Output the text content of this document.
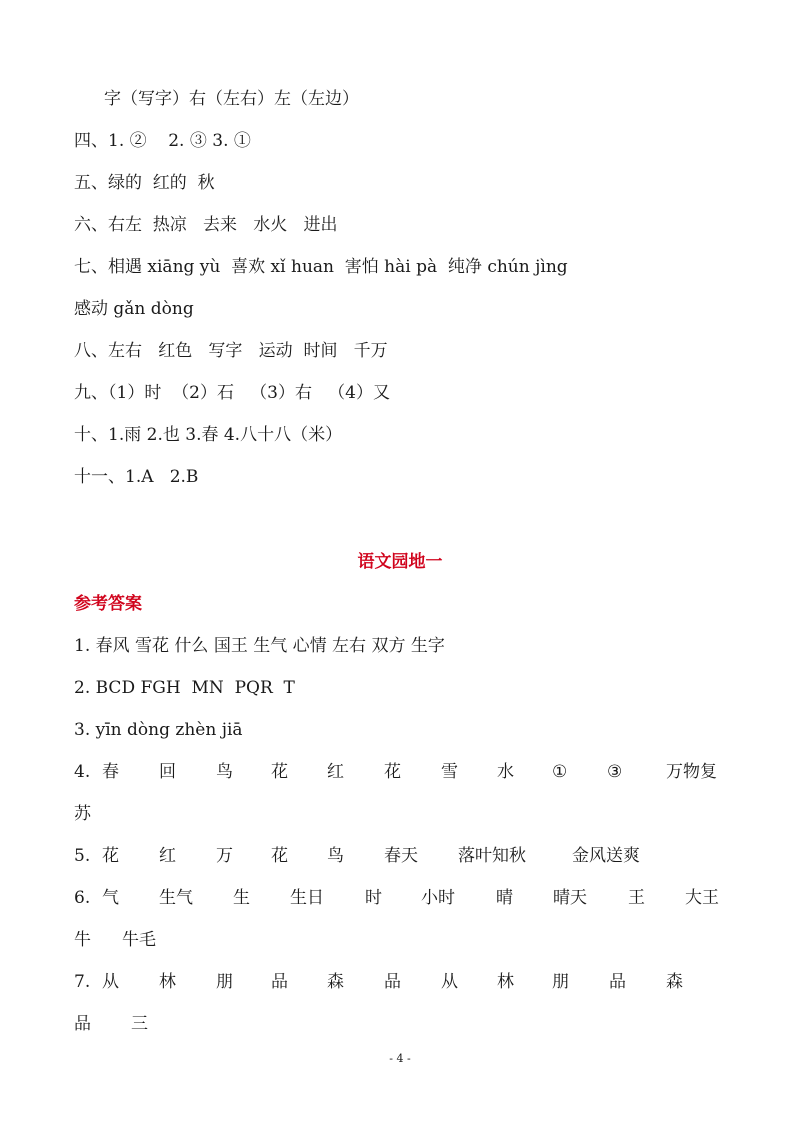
字（写字）右（左右）左（左边）
四、1. ②    2. ③ 3. ①
五、绿的  红的  秋
六、右左  热凉   去来   水火   进出
七、相遇 xiāng yù  喜欢 xǐ huan  害怕 hài pà  纯净 chún jìng
感动 gǎn dòng
八、左右   红色   写字   运动  时间   千万
九、（1）时  （2）石   （3）右   （4）又
十、1.雨 2.也 3.春 4.八十八（米）
十一、1.A   2.B
语文园地一
参考答案
1. 春风 雪花 什么 国王 生气 心情 左右 双方 生字
2. BCD FGH  MN  PQR  T
3. yīn dòng zhèn jiā
4. 春 回 鸟 花 红 花 雪 水 ① ③	万物复
苏
5. 花 红 万 花 鸟 春天 落叶知秋	金风送爽
6. 气 生气 生 生日 时 小时 晴 晴天 王 大王
牛 牛毛
7. 从 林 朋 品 森 品 从 林 朋 品 森
品 三
- 4 -
